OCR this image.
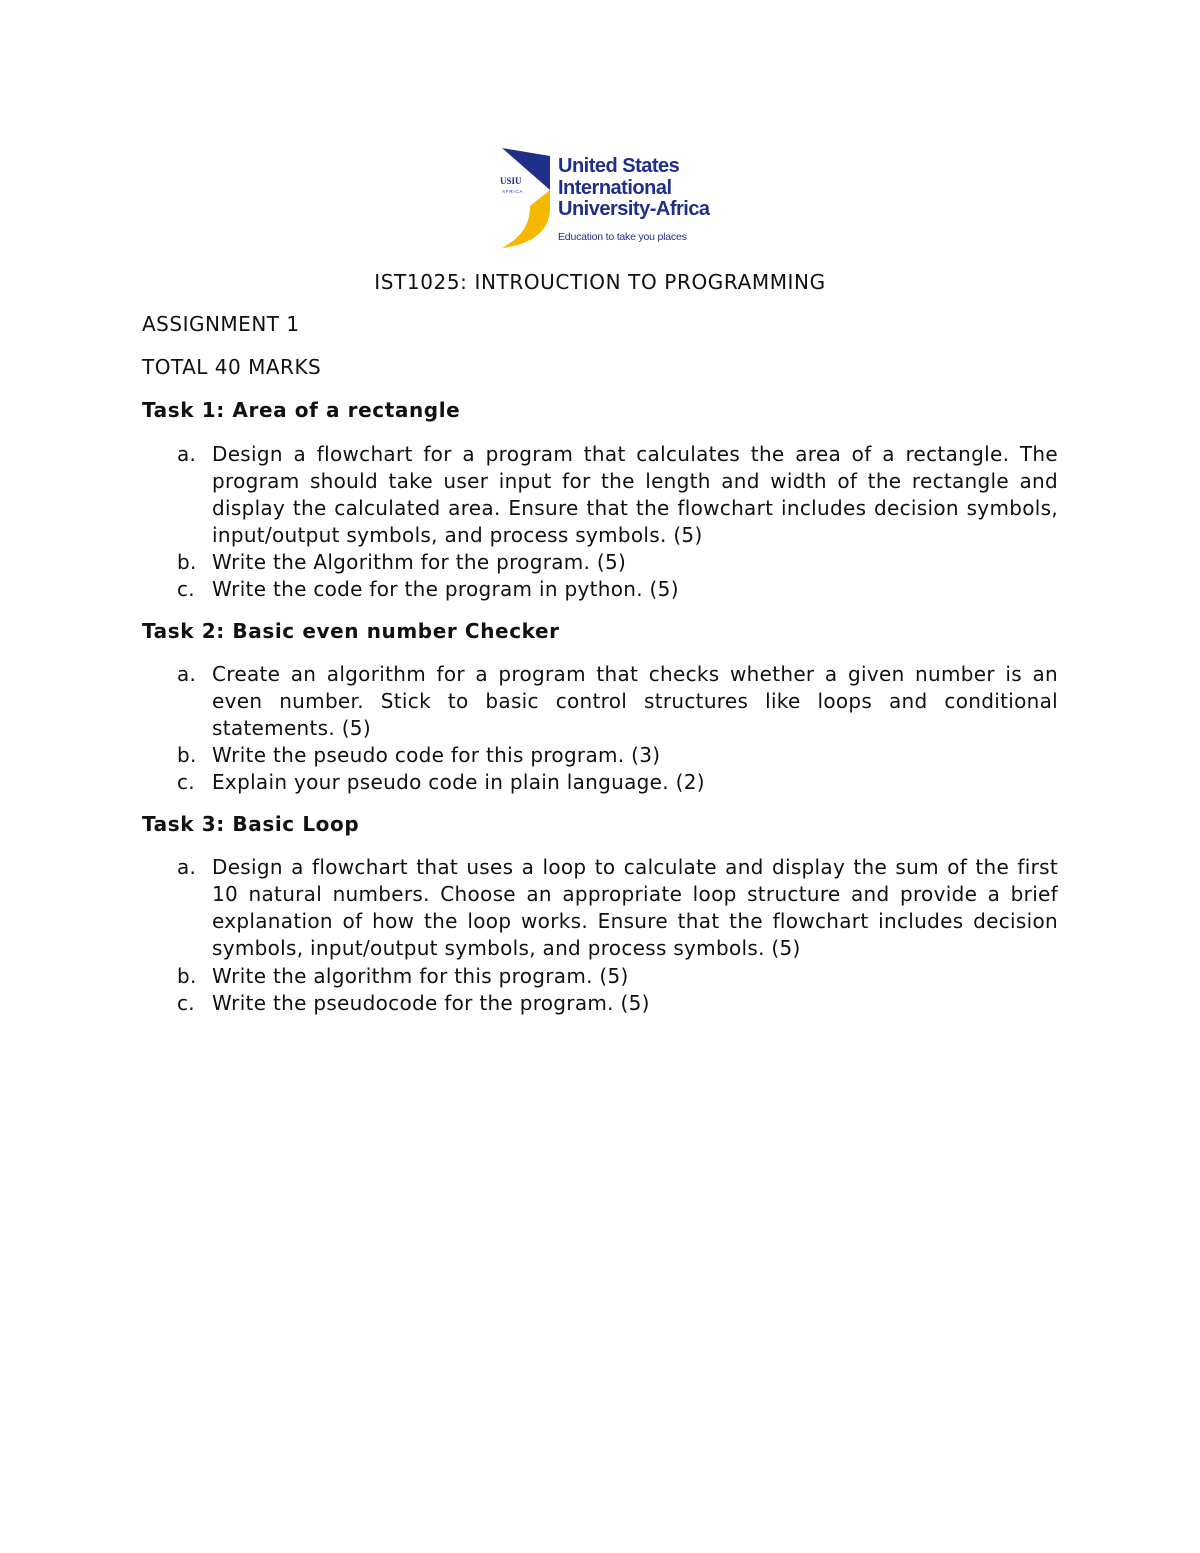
USIU
AFRICA
United States
International
University-Africa
Education to take you places
IST1025: INTROUCTION TO PROGRAMMING
ASSIGNMENT 1
TOTAL 40 MARKS
Task 1: Area of a rectangle
a. Design a flowchart for a program that calculates the area of a rectangle. The program should take user input for the length and width of the rectangle and display the calculated area. Ensure that the flowchart includes decision symbols, input/output symbols, and process symbols. (5)
b. Write the Algorithm for the program. (5)
c. Write the code for the program in python. (5)
Task 2: Basic even number Checker
a. Create an algorithm for a program that checks whether a given number is an even number. Stick to basic control structures like loops and conditional statements. (5)
b. Write the pseudo code for this program. (3)
c. Explain your pseudo code in plain language. (2)
Task 3: Basic Loop
a. Design a flowchart that uses a loop to calculate and display the sum of the first 10 natural numbers. Choose an appropriate loop structure and provide a brief explanation of how the loop works. Ensure that the flowchart includes decision symbols, input/output symbols, and process symbols. (5)
b. Write the algorithm for this program. (5)
c. Write the pseudocode for the program. (5)
